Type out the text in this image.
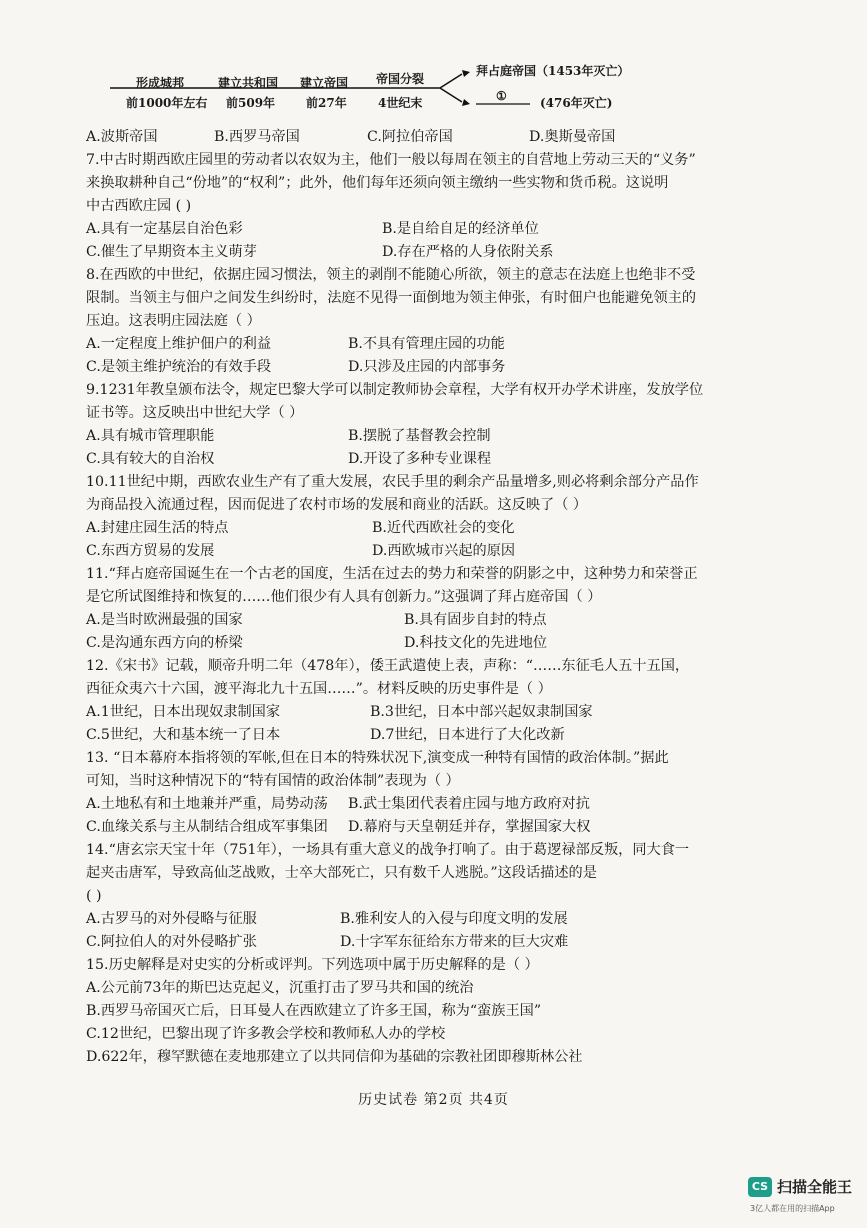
形成城邦
前1000年左右
建立共和国
前509年
建立帝国
前27年
帝国分裂
4世纪末
拜占庭帝国（1453年灭亡）
①	(476年灭亡)
A.波斯帝国	B.西罗马帝国	C.阿拉伯帝国	D.奥斯曼帝国
7.中古时期西欧庄园里的劳动者以农奴为主，他们一般以每周在领主的自营地上劳动三天的“义务”
来换取耕种自己“份地”的“权利”；此外，他们每年还须向领主缴纳一些实物和货币税。这说明
中古西欧庄园 ( )
A.具有一定基层自治色彩	B.是自给自足的经济单位
C.催生了早期资本主义萌芽	D.存在严格的人身依附关系
8.在西欧的中世纪，依据庄园习惯法，领主的剥削不能随心所欲，领主的意志在法庭上也绝非不受
限制。当领主与佃户之间发生纠纷时，法庭不见得一面倒地为领主伸张，有时佃户也能避免领主的
压迫。这表明庄园法庭（ ）
A.一定程度上维护佃户的利益	B.不具有管理庄园的功能
C.是领主维护统治的有效手段	D.只涉及庄园的内部事务
9.1231年教皇颁布法令，规定巴黎大学可以制定教师协会章程，大学有权开办学术讲座，发放学位
证书等。这反映出中世纪大学（ ）
A.具有城市管理职能	B.摆脱了基督教会控制
C.具有较大的自治权	D.开设了多种专业课程
10.11世纪中期，西欧农业生产有了重大发展，农民手里的剩余产品量增多,则必将剩余部分产品作
为商品投入流通过程，因而促进了农村市场的发展和商业的活跃。这反映了（ ）
A.封建庄园生活的特点	B.近代西欧社会的变化
C.东西方贸易的发展	D.西欧城市兴起的原因
11.“拜占庭帝国诞生在一个古老的国度，生活在过去的势力和荣誉的阴影之中，这种势力和荣誉正
是它所试图维持和恢复的……他们很少有人具有创新力。”这强调了拜占庭帝国（ ）
A.是当时欧洲最强的国家	B.具有固步自封的特点
C.是沟通东西方向的桥梁	D.科技文化的先进地位
12.《宋书》记载，顺帝升明二年（478年），倭王武遣使上表，声称：“……东征毛人五十五国，
西征众夷六十六国，渡平海北九十五国……”。材料反映的历史事件是（ ）
A.1世纪，日本出现奴隶制国家	B.3世纪，日本中部兴起奴隶制国家
C.5世纪，大和基本统一了日本	D.7世纪，日本进行了大化改新
13. “日本幕府本指将领的军帐,但在日本的特殊状况下,演变成一种特有国情的政治体制。”据此
可知，当时这种情况下的“特有国情的政治体制”表现为（ ）
A.土地私有和土地兼并严重，局势动荡	B.武士集团代表着庄园与地方政府对抗
C.血缘关系与主从制结合组成军事集团	D.幕府与天皇朝廷并存，掌握国家大权
14.“唐玄宗天宝十年（751年），一场具有重大意义的战争打响了。由于葛逻禄部反叛，同大食一
起夹击唐军，导致高仙芝战败，士卒大部死亡，只有数千人逃脱。”这段话描述的是
( )
A.古罗马的对外侵略与征服	B.雅利安人的入侵与印度文明的发展
C.阿拉伯人的对外侵略扩张	D.十字军东征给东方带来的巨大灾难
15.历史解释是对史实的分析或评判。下列选项中属于历史解释的是（ ）
A.公元前73年的斯巴达克起义，沉重打击了罗马共和国的统治
B.西罗马帝国灭亡后，日耳曼人在西欧建立了许多王国，称为“蛮族王国”
C.12世纪，巴黎出现了许多教会学校和教师私人办的学校
D.622年，穆罕默德在麦地那建立了以共同信仰为基础的宗教社团即穆斯林公社
历史试卷 第2页 共4页
CS 扫描全能王
3亿人都在用的扫描App
